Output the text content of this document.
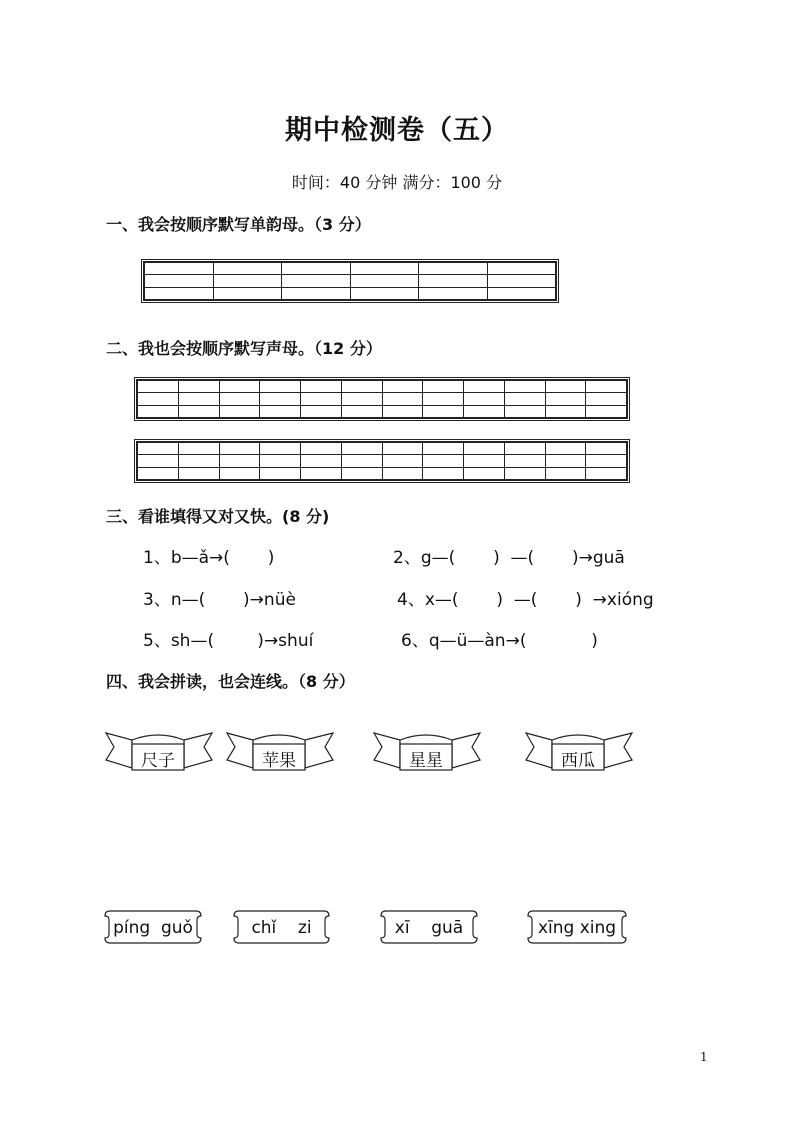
期中检测卷（五）
时间：40 分钟 满分：100 分
一、我会按顺序默写单韵母。（3 分）

二、我也会按顺序默写声母。（12 分）

三、看谁填得又对又快。(8 分)
1、b—ǎ→(       )	2、g—(       )  —(       )→guā
3、n—(       )→nüè	4、x—(       )  —(       )  →xióng
5、sh—(        )→shuí	6、q—ü—àn→(            )
四、我会拼读，也会连线。（8 分）
尺子	苹果	星星	西瓜
píng  guǒ	chǐ    zi	xī    guā	xīng xing
1
